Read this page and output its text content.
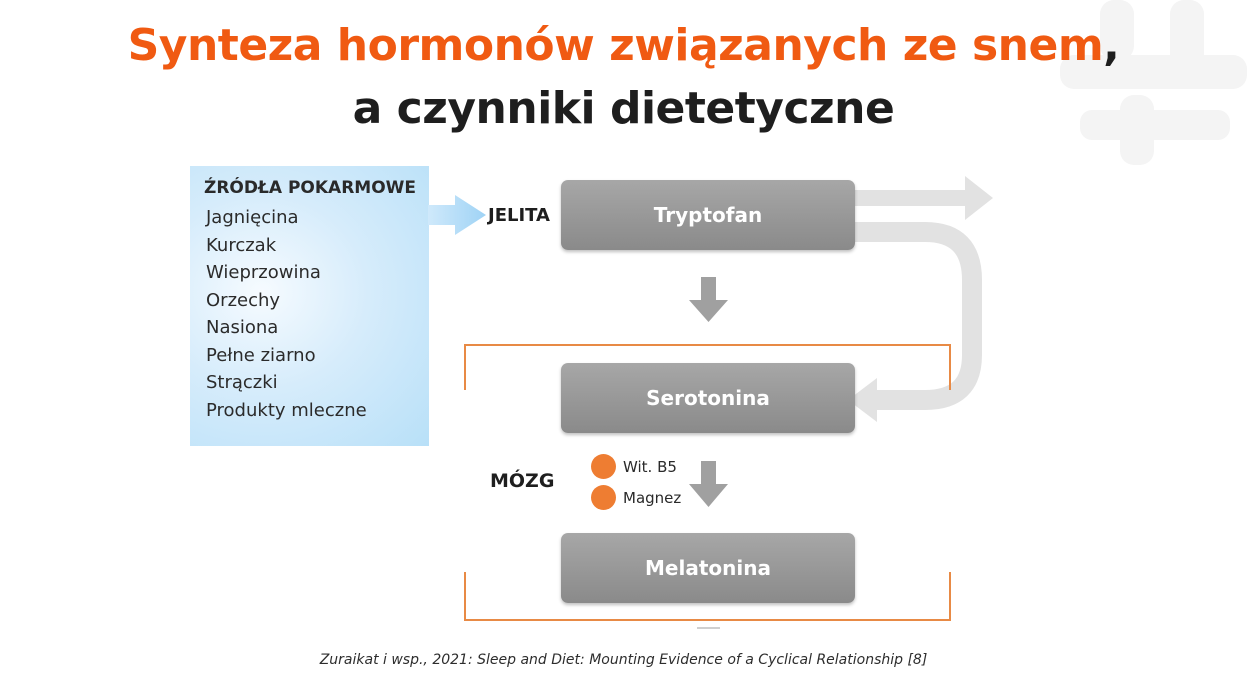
Synteza hormonów związanych ze snem,
a czynniki dietetyczne
ŹRÓDŁA POKARMOWE
Jagnięcina
Kurczak
Wieprzowina
Orzechy
Nasiona
Pełne ziarno
Strączki
Produkty mleczne
JELITA
MÓZG
Tryptofan
Serotonina
Melatonina
Wit. B5
Magnez
Zuraikat i wsp., 2021: Sleep and Diet: Mounting Evidence of a Cyclical Relationship [8]
